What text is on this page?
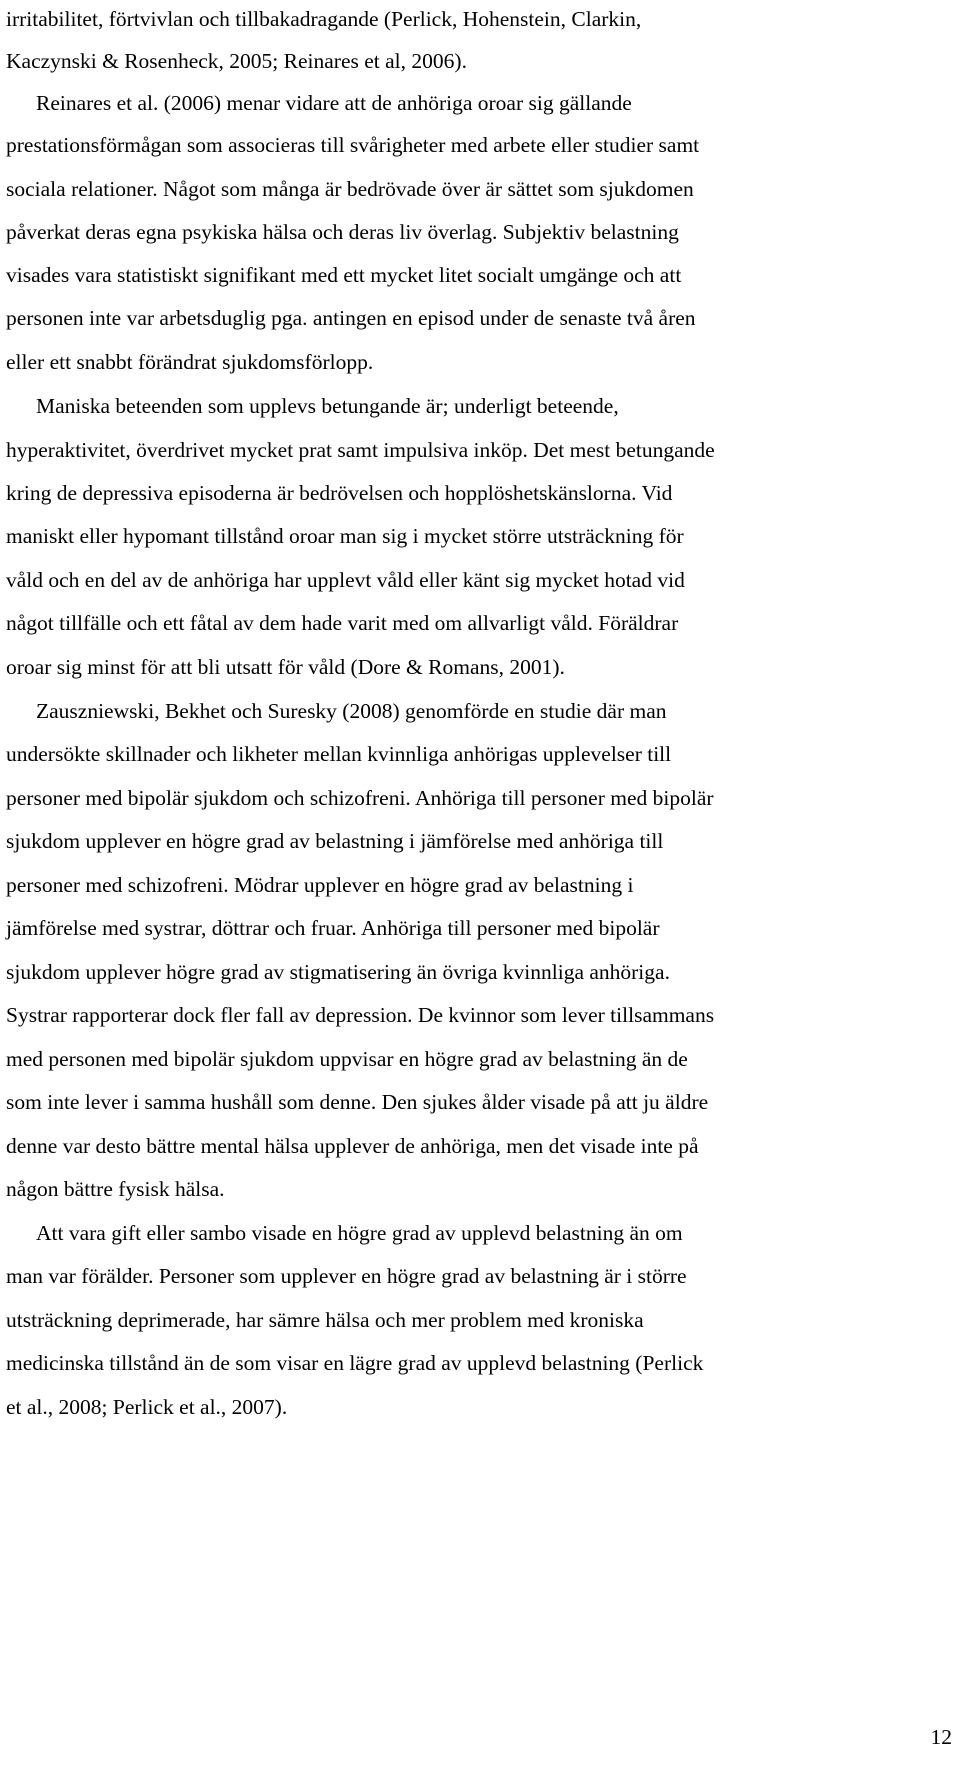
irritabilitet, förtvivlan och tillbakadragande (Perlick, Hohenstein, Clarkin,
Kaczynski & Rosenheck, 2005; Reinares et al, 2006).
Reinares et al. (2006) menar vidare att de anhöriga oroar sig gällande
prestationsförmågan som associeras till svårigheter med arbete eller studier samt
sociala relationer. Något som många är bedrövade över är sättet som sjukdomen
påverkat deras egna psykiska hälsa och deras liv överlag. Subjektiv belastning
visades vara statistiskt signifikant med ett mycket litet socialt umgänge och att
personen inte var arbetsduglig pga. antingen en episod under de senaste två åren
eller ett snabbt förändrat sjukdomsförlopp.
Maniska beteenden som upplevs betungande är; underligt beteende,
hyperaktivitet, överdrivet mycket prat samt impulsiva inköp. Det mest betungande
kring de depressiva episoderna är bedrövelsen och hopplöshetskänslorna. Vid
maniskt eller hypomant tillstånd oroar man sig i mycket större utsträckning för
våld och en del av de anhöriga har upplevt våld eller känt sig mycket hotad vid
något tillfälle och ett fåtal av dem hade varit med om allvarligt våld. Föräldrar
oroar sig minst för att bli utsatt för våld (Dore & Romans, 2001).
Zauszniewski, Bekhet och Suresky (2008) genomförde en studie där man
undersökte skillnader och likheter mellan kvinnliga anhörigas upplevelser till
personer med bipolär sjukdom och schizofreni. Anhöriga till personer med bipolär
sjukdom upplever en högre grad av belastning i jämförelse med anhöriga till
personer med schizofreni. Mödrar upplever en högre grad av belastning i
jämförelse med systrar, döttrar och fruar. Anhöriga till personer med bipolär
sjukdom upplever högre grad av stigmatisering än övriga kvinnliga anhöriga.
Systrar rapporterar dock fler fall av depression. De kvinnor som lever tillsammans
med personen med bipolär sjukdom uppvisar en högre grad av belastning än de
som inte lever i samma hushåll som denne. Den sjukes ålder visade på att ju äldre
denne var desto bättre mental hälsa upplever de anhöriga, men det visade inte på
någon bättre fysisk hälsa.
Att vara gift eller sambo visade en högre grad av upplevd belastning än om
man var förälder. Personer som upplever en högre grad av belastning är i större
utsträckning deprimerade, har sämre hälsa och mer problem med kroniska
medicinska tillstånd än de som visar en lägre grad av upplevd belastning (Perlick
et al., 2008; Perlick et al., 2007).
12
